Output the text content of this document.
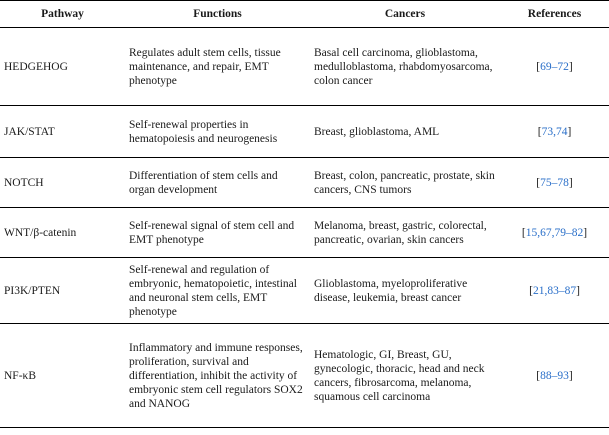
Pathway	Functions	Cancers	References
HEDGEHOG	Regulates adult stem cells, tissue maintenance, and repair, EMT phenotype	Basal cell carcinoma, glioblastoma, medulloblastoma, rhabdomyosarcoma, colon cancer	[69–72]
JAK/STAT	Self-renewal properties in hematopoiesis and neurogenesis	Breast, glioblastoma, AML	[73,74]
NOTCH	Differentiation of stem cells and organ development	Breast, colon, pancreatic, prostate, skin cancers, CNS tumors	[75–78]
WNT/β-catenin	Self-renewal signal of stem cell and EMT phenotype	Melanoma, breast, gastric, colorectal, pancreatic, ovarian, skin cancers	[15,67,79–82]
PI3K/PTEN	Self-renewal and regulation of embryonic, hematopoietic, intestinal and neuronal stem cells, EMT phenotype	Glioblastoma, myeloproliferative disease, leukemia, breast cancer	[21,83–87]
NF-κB	Inflammatory and immune responses, proliferation, survival and differentiation, inhibit the activity of embryonic stem cell regulators SOX2 and NANOG	Hematologic, GI, Breast, GU, gynecologic, thoracic, head and neck cancers, fibrosarcoma, melanoma, squamous cell carcinoma	[88–93]
